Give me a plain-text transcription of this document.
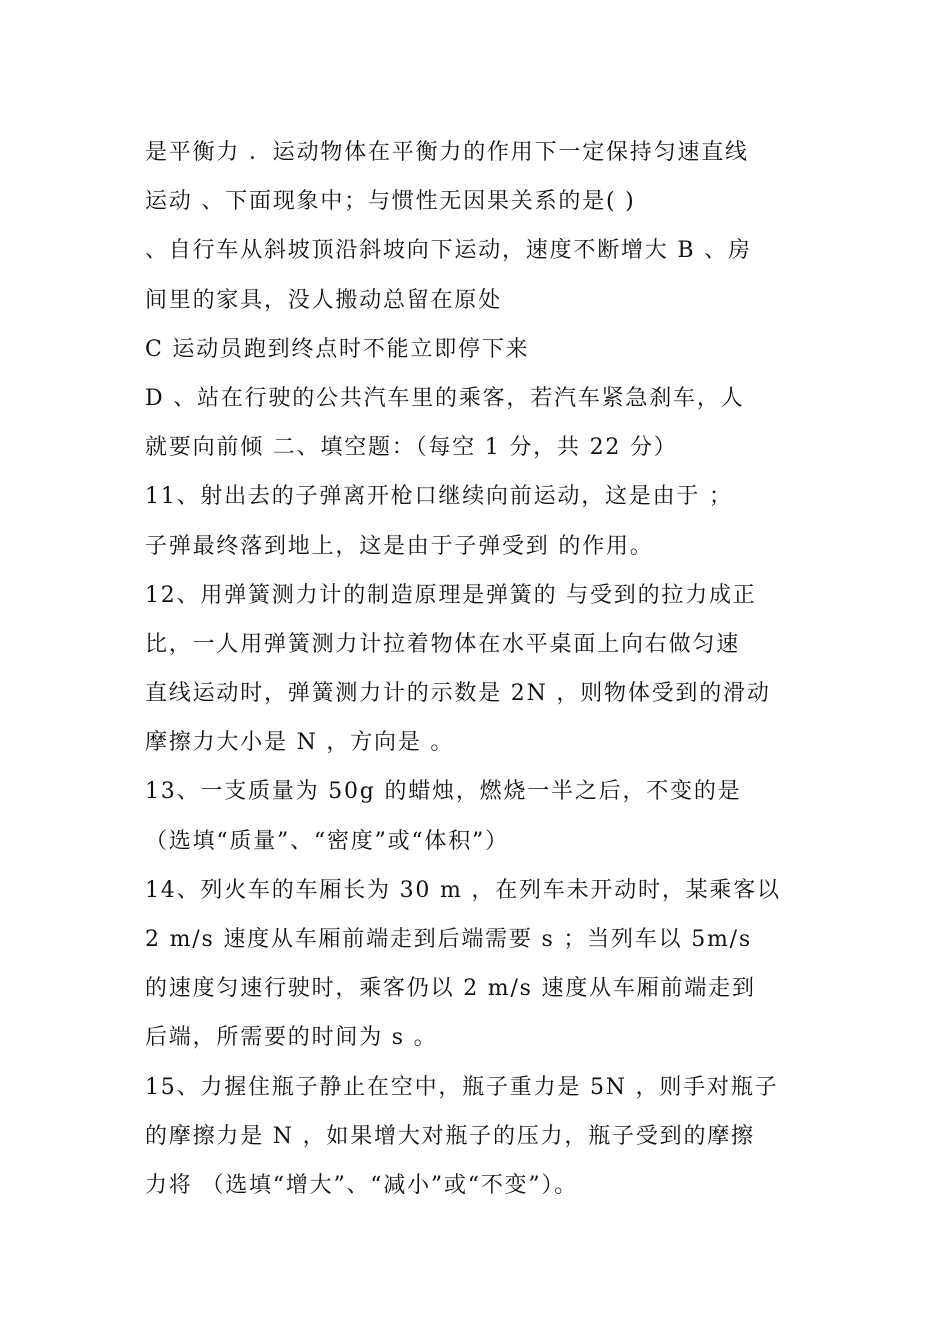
是平衡力 ．运动物体在平衡力的作用下一定保持匀速直线
运动 、下面现象中；与惯性无因果关系的是( )
、自行车从斜坡顶沿斜坡向下运动，速度不断增大 B 、房
间里的家具，没人搬动总留在原处
C 运动员跑到终点时不能立即停下来
D 、站在行驶的公共汽车里的乘客，若汽车紧急刹车，人
就要向前倾 二、填空题：（每空 1 分，共 22 分）
11、射出去的子弹离开枪口继续向前运动，这是由于 ；
子弹最终落到地上，这是由于子弹受到 的作用。
12、用弹簧测力计的制造原理是弹簧的 与受到的拉力成正
比，一人用弹簧测力计拉着物体在水平桌面上向右做匀速
直线运动时，弹簧测力计的示数是 2N ，则物体受到的滑动
摩擦力大小是 N ，方向是 。
13、一支质量为 50g 的蜡烛，燃烧一半之后，不变的是
（选填“质量”、“密度”或“体积”）
14、列火车的车厢长为 30 m ，在列车未开动时，某乘客以
2 m/s 速度从车厢前端走到后端需要 s ；当列车以 5m/s
的速度匀速行驶时，乘客仍以 2 m/s 速度从车厢前端走到
后端，所需要的时间为 s 。
15、力握住瓶子静止在空中，瓶子重力是 5N ，则手对瓶子
的摩擦力是 N ，如果增大对瓶子的压力，瓶子受到的摩擦
力将 （选填“增大”、“减小”或“不变”）。
